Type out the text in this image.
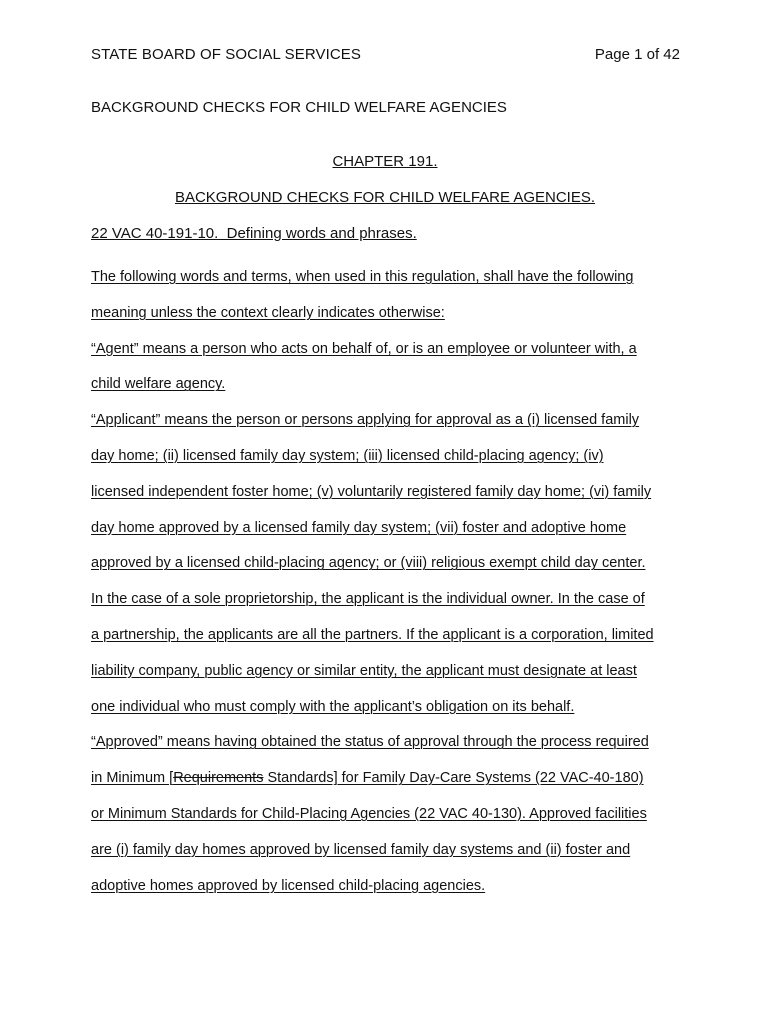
STATE BOARD OF SOCIAL SERVICES	Page 1 of 42
BACKGROUND CHECKS FOR CHILD WELFARE AGENCIES
CHAPTER 191.
BACKGROUND CHECKS FOR CHILD WELFARE AGENCIES.
22 VAC 40-191-10.  Defining words and phrases.
The following words and terms, when used in this regulation, shall have the following
meaning unless the context clearly indicates otherwise:
“Agent” means a person who acts on behalf of, or is an employee or volunteer with, a
child welfare agency.
“Applicant” means the person or persons applying for approval as a (i) licensed family
day home; (ii) licensed family day system; (iii) licensed child-placing agency; (iv)
licensed independent foster home; (v) voluntarily registered family day home; (vi) family
day home approved by a licensed family day system; (vii) foster and adoptive home
approved by a licensed child-placing agency; or (viii) religious exempt child day center.
In the case of a sole proprietorship, the applicant is the individual owner. In the case of
a partnership, the applicants are all the partners. If the applicant is a corporation, limited
liability company, public agency or similar entity, the applicant must designate at least
one individual who must comply with the applicant’s obligation on its behalf.
“Approved” means having obtained the status of approval through the process required
in Minimum [Requirements Standards] for Family Day-Care Systems (22 VAC-40-180)
or Minimum Standards for Child-Placing Agencies (22 VAC 40-130). Approved facilities
are (i) family day homes approved by licensed family day systems and (ii) foster and
adoptive homes approved by licensed child-placing agencies.
